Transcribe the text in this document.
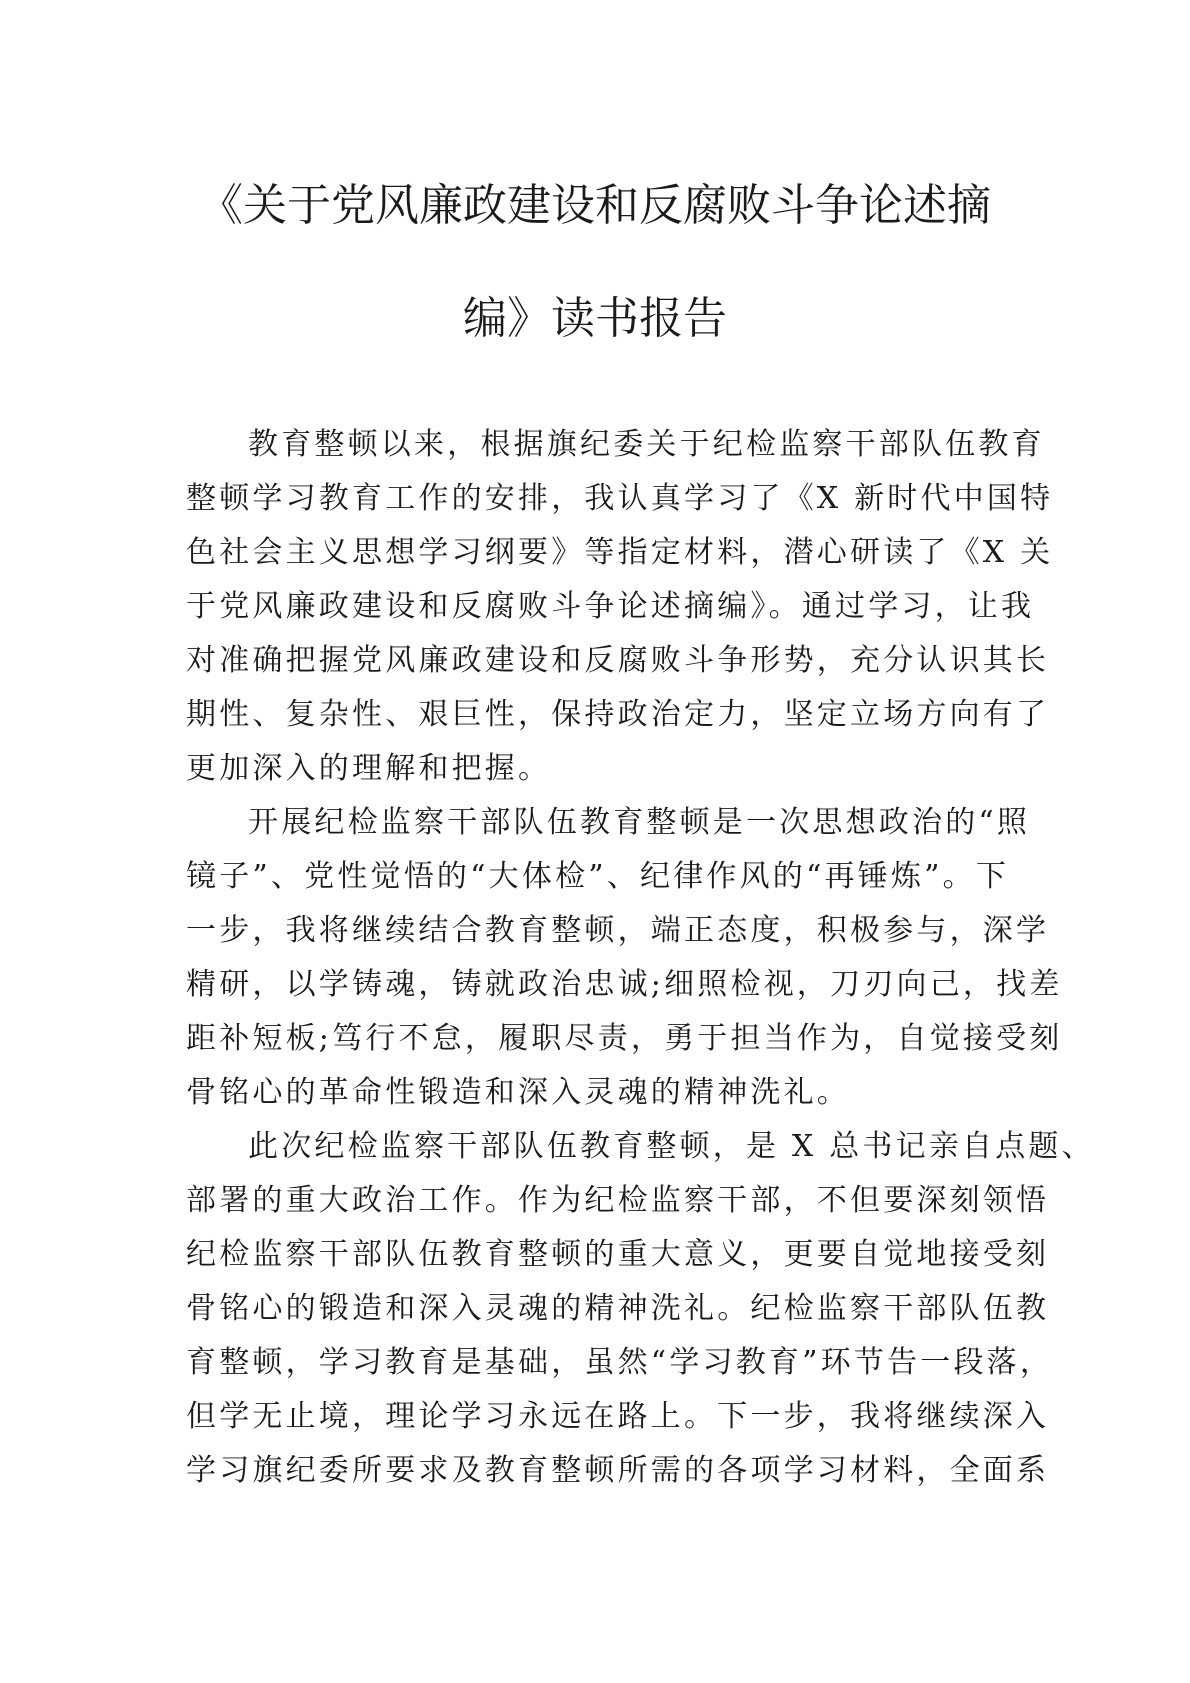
《关于党风廉政建设和反腐败斗争论述摘
编》读书报告
教育整顿以来，根据旗纪委关于纪检监察干部队伍教育
整顿学习教育工作的安排，我认真学习了《X 新时代中国特
色社会主义思想学习纲要》等指定材料，潜心研读了《X 关
于党风廉政建设和反腐败斗争论述摘编》。通过学习，让我
对准确把握党风廉政建设和反腐败斗争形势，充分认识其长
期性、复杂性、艰巨性，保持政治定力，坚定立场方向有了
更加深入的理解和把握。
开展纪检监察干部队伍教育整顿是一次思想政治的“照
镜子”、党性觉悟的“大体检”、纪律作风的“再锤炼”。下
一步，我将继续结合教育整顿，端正态度，积极参与，深学
精研，以学铸魂，铸就政治忠诚;细照检视，刀刃向己，找差
距补短板;笃行不怠，履职尽责，勇于担当作为，自觉接受刻
骨铭心的革命性锻造和深入灵魂的精神洗礼。
此次纪检监察干部队伍教育整顿，是 X 总书记亲自点题、
部署的重大政治工作。作为纪检监察干部，不但要深刻领悟
纪检监察干部队伍教育整顿的重大意义，更要自觉地接受刻
骨铭心的锻造和深入灵魂的精神洗礼。纪检监察干部队伍教
育整顿，学习教育是基础，虽然“学习教育”环节告一段落，
但学无止境，理论学习永远在路上。下一步，我将继续深入
学习旗纪委所要求及教育整顿所需的各项学习材料，全面系
